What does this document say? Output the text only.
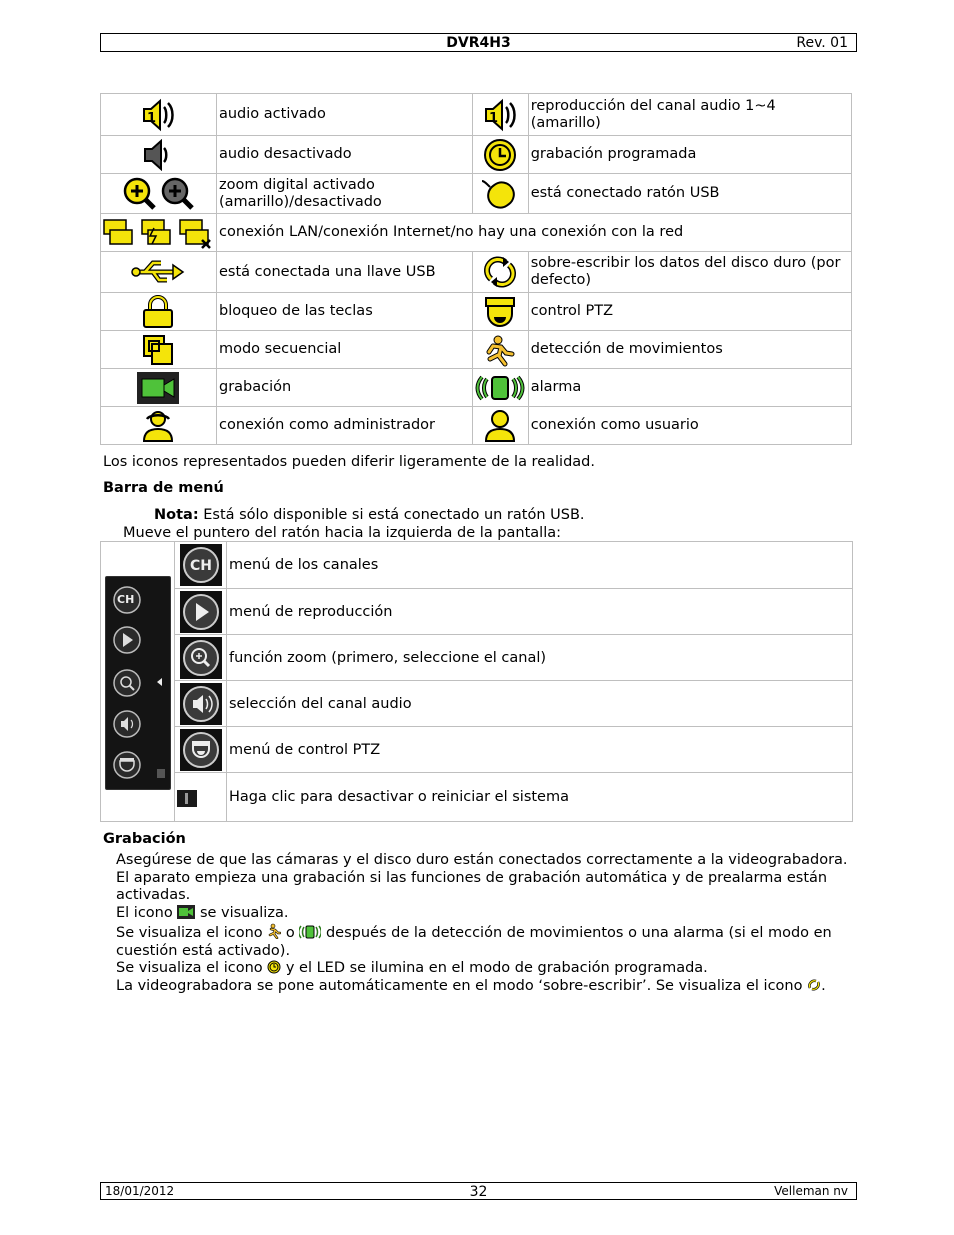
DVR4H3	Rev. 01
1	audio activado	1	reproducción del canal audio 1~4 (amarillo)
	audio desactivado		grabación programada
	zoom digital activado (amarillo)/desactivado		está conectado ratón USB
	conexión LAN/conexión Internet/no hay una conexión con la red		
	está conectada una llave USB		sobre-escribir los datos del disco duro (por defecto)
	bloqueo de las teclas		control PTZ
	modo secuencial		detección de movimientos
	grabación		alarma
	conexión como administrador		conexión como usuario
Los iconos representados pueden diferir ligeramente de la realidad.
Barra de menú
Nota: Está sólo disponible si está conectado un ratón USB.
Mueve el puntero del ratón hacia la izquierda de la pantalla:
CH	CH	menú de los canales

	menú de reproducción

	función zoom (primero, seleccione el canal)

	selección del canal audio

	menú de control PTZ

		Haga clic para desactivar o reiniciar el sistema
Grabación

Asegúrese de que las cámaras y el disco duro están conectados correctamente a la videograbadora.

El aparato empieza una grabación si las funciones de grabación automática y de prealarma están activadas.

El icono  se visualiza.

Se visualiza el icono  o  después de la detección de movimientos o una alarma (si el modo en cuestión está activado).

Se visualiza el icono  y el LED se ilumina en el modo de grabación programada.

La videograbadora se pone automáticamente en el modo ‘sobre-escribir’. Se visualiza el icono .

18/01/2012	32	Velleman nv
